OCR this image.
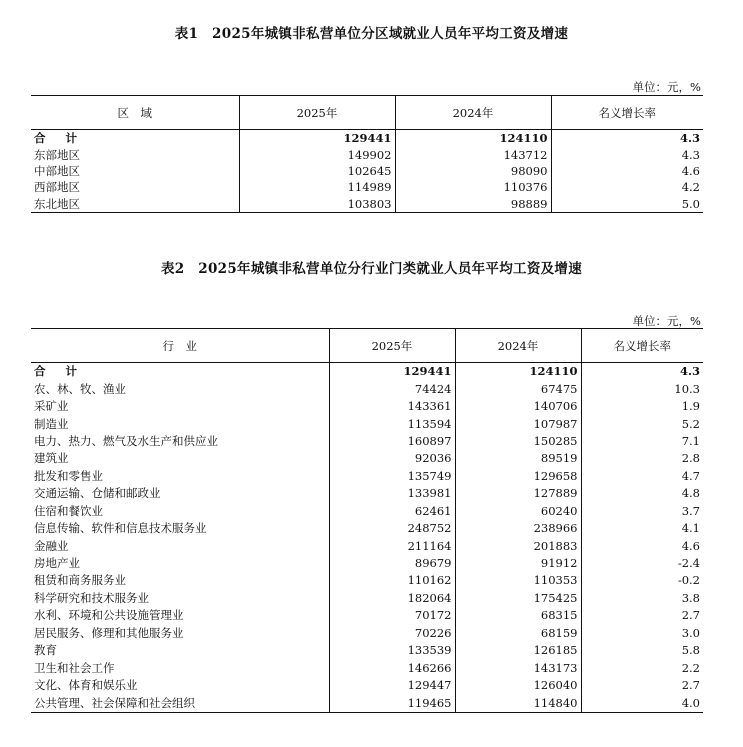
表1　2025年城镇非私营单位分区域就业人员年平均工资及增速
单位：元，%
区　域	2025年	2024年	名义增长率
合 计	129441	124110	4.3
东部地区	149902	143712	4.3
中部地区	102645	98090	4.6
西部地区	114989	110376	4.2
东北地区	103803	98889	5.0
表2　2025年城镇非私营单位分行业门类就业人员年平均工资及增速
单位：元，%
行　业	2025年	2024年	名义增长率
合 计	129441	124110	4.3
农、林、牧、渔业	74424	67475	10.3
采矿业	143361	140706	1.9
制造业	113594	107987	5.2
电力、热力、燃气及水生产和供应业	160897	150285	7.1
建筑业	92036	89519	2.8
批发和零售业	135749	129658	4.7
交通运输、仓储和邮政业	133981	127889	4.8
住宿和餐饮业	62461	60240	3.7
信息传输、软件和信息技术服务业	248752	238966	4.1
金融业	211164	201883	4.6
房地产业	89679	91912	-2.4
租赁和商务服务业	110162	110353	-0.2
科学研究和技术服务业	182064	175425	3.8
水利、环境和公共设施管理业	70172	68315	2.7
居民服务、修理和其他服务业	70226	68159	3.0
教育	133539	126185	5.8
卫生和社会工作	146266	143173	2.2
文化、体育和娱乐业	129447	126040	2.7
公共管理、社会保障和社会组织	119465	114840	4.0
